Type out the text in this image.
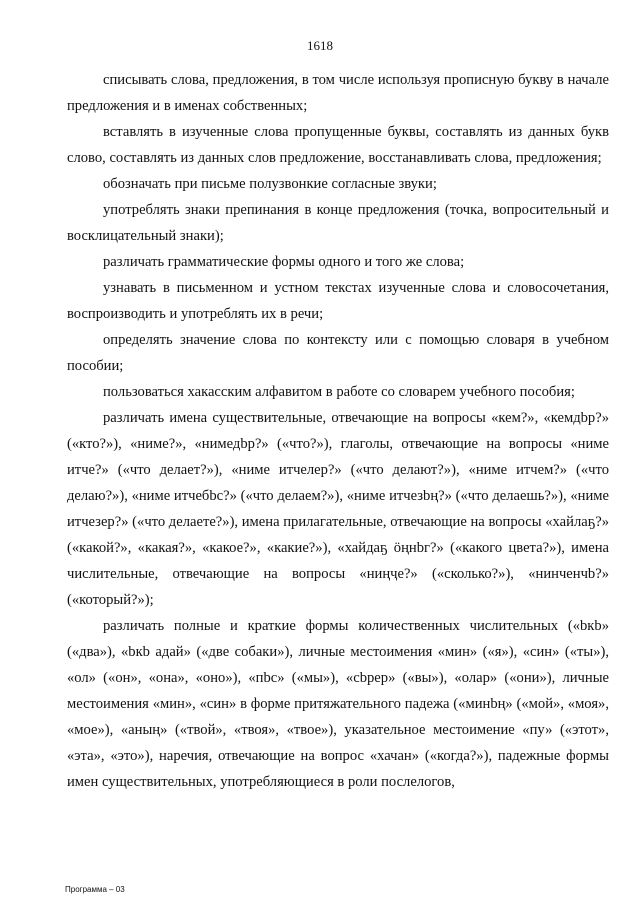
1618

списывать слова, предложения, в том числе используя прописную букву в начале предложения и в именах собственных;

вставлять в изученные слова пропущенные буквы, составлять из данных букв слово, составлять из данных слов предложение, восстанавливать слова, предложения;

обозначать при письме полузвонкие согласные звуки;

употреблять знаки препинания в конце предложения (точка, вопросительный и восклицательный знаки);

различать грамматические формы одного и того же слова;

узнавать в письменном и устном текстах изученные слова и словосочетания, воспроизводить и употреблять их в речи;

определять значение слова по контексту или с помощью словаря в учебном пособии;

пользоваться хакасским алфавитом в работе со словарем учебного пособия;

различать имена существительные, отвечающие на вопросы «кем?», «кемдbр?» («кто?»), «ниме?», «нимедbр?» («что?»), глаголы, отвечающие на вопросы «ниме итче?» («что делает?»), «ниме итчелер?» («что делают?»), «ниме итчем?» («что делаю?»), «ниме итчебbс?» («что делаем?»), «ниме итчезbң?» («что делаешь?»), «ниме итчезер?» («что делаете?»), имена прилагательные, отвечающие на вопросы «хайлаҕ?» («какой?», «какая?», «какое?», «какие?»), «хайдаҕ ӧңнbг?» («какого цвета?»), имена числительные, отвечающие на вопросы «ниңҷе?» («сколько?»), «нинченчb?» («который?»);

различать полные и краткие формы количественных числительных («bкb» («два»), «bкb адай» («две собаки»), личные местоимения «мин» («я»), «син» («ты»), «ол» («он», «она», «оно»), «пbс» («мы»), «сbрер» («вы»), «олар» («они»), личные местоимения «мин», «син» в форме притяжательного падежа («минbң» («мой», «моя», «мое»), «аның» («твой», «твоя», «твое»), указательное местоимение «пу» («этот», «эта», «это»), наречия, отвечающие на вопрос «хачан» («когда?»), падежные формы имен существительных, употребляющиеся в роли послелогов,

Программа – 03
